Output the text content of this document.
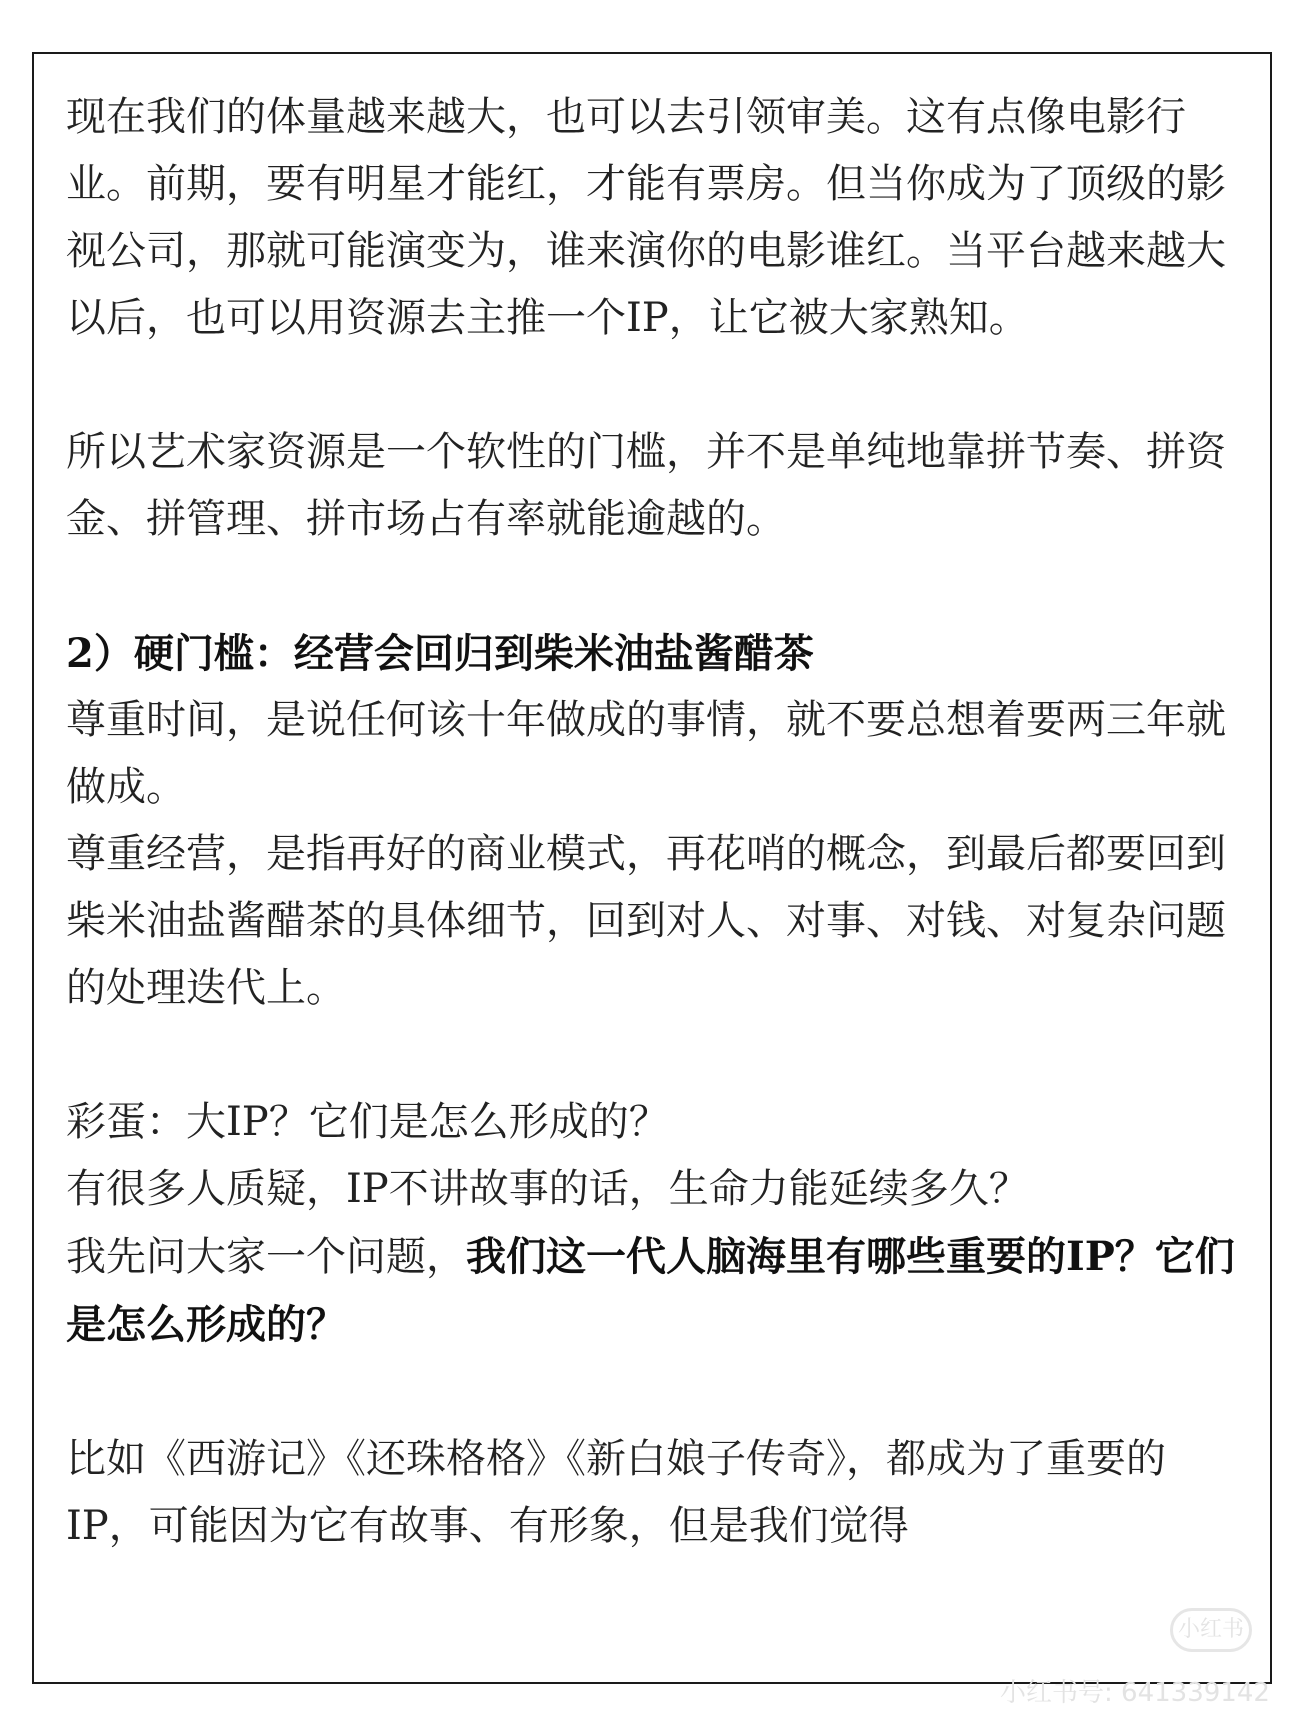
现在我们的体量越来越大，也可以去引领审美。这有点像电影行业。前期，要有明星才能红，才能有票房。但当你成为了顶级的影视公司，那就可能演变为，谁来演你的电影谁红。当平台越来越大以后，也可以用资源去主推一个IP，让它被大家熟知。

所以艺术家资源是一个软性的门槛，并不是单纯地靠拼节奏、拼资金、拼管理、拼市场占有率就能逾越的。

2）硬门槛：经营会回归到柴米油盐酱醋茶

尊重时间，是说任何该十年做成的事情，就不要总想着要两三年就做成。

尊重经营，是指再好的商业模式，再花哨的概念，到最后都要回到柴米油盐酱醋茶的具体细节，回到对人、对事、对钱、对复杂问题的处理迭代上。

彩蛋：大IP？它们是怎么形成的？

有很多人质疑，IP不讲故事的话，生命力能延续多久？

我先问大家一个问题，我们这一代人脑海里有哪些重要的IP？它们是怎么形成的？

比如《西游记》《还珠格格》《新白娘子传奇》，都成为了重要的IP，可能因为它有故事、有形象，但是我们觉得

小红书
小红书号: 641339142
